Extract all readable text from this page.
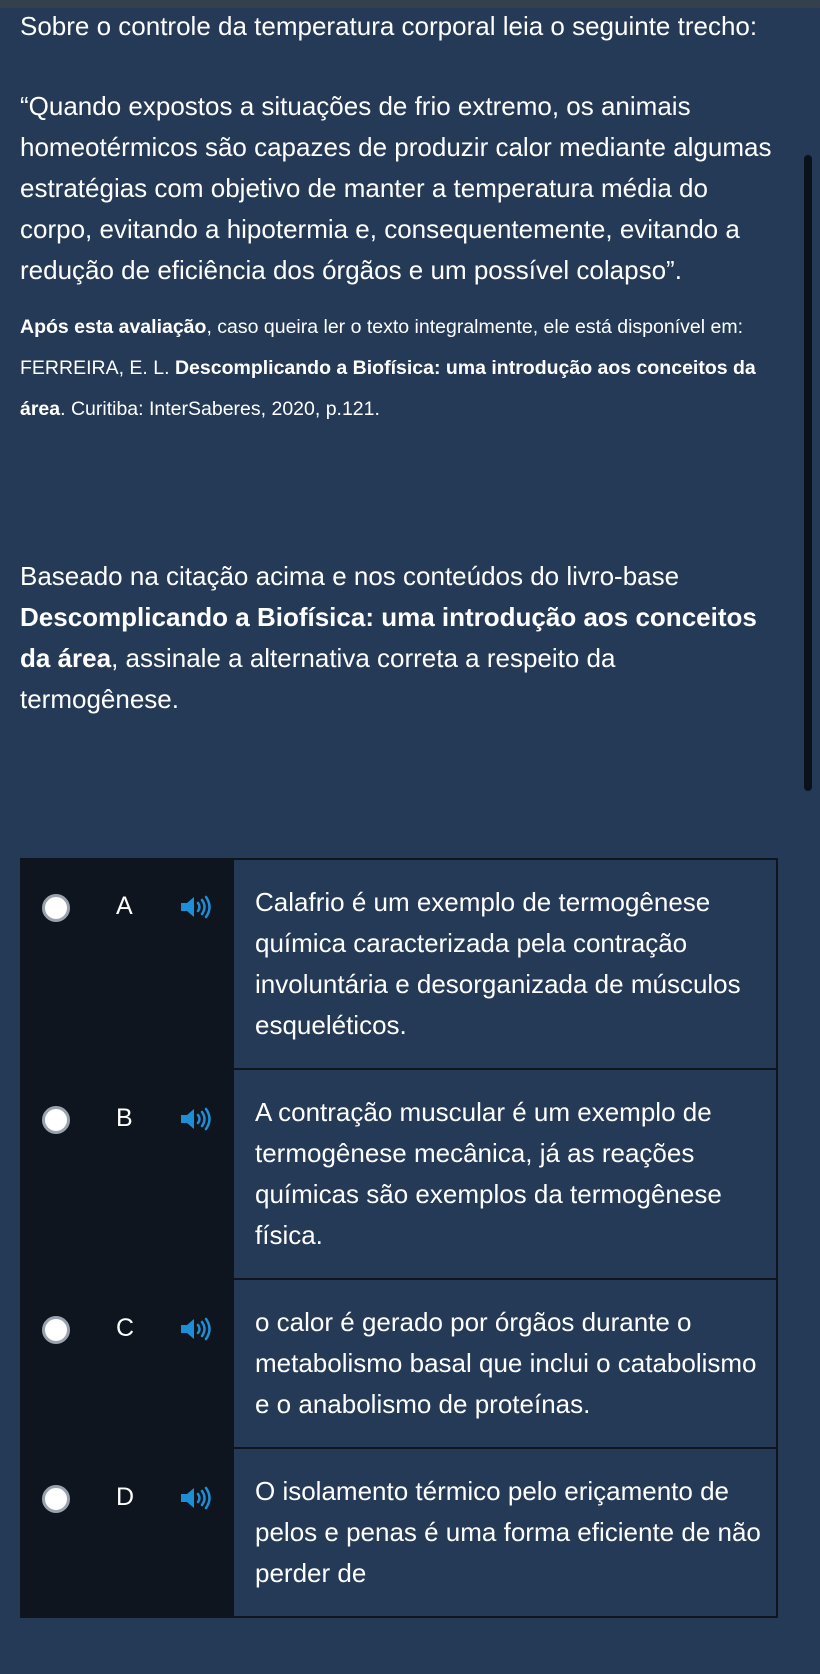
Sobre o controle da temperatura corporal leia o seguinte trecho:

“Quando expostos a situações de frio extremo, os animais homeotérmicos são capazes de produzir calor mediante algumas estratégias com objetivo de manter a temperatura média do corpo, evitando a hipotermia e, consequentemente, evitando a redução de eficiência dos órgãos e um possível colapso”.

Após esta avaliação, caso queira ler o texto integralmente, ele está disponível em: FERREIRA, E. L. Descomplicando a Biofísica: uma introdução aos conceitos da área. Curitiba: InterSaberes, 2020, p.121.

Baseado na citação acima e nos conteúdos do livro-base Descomplicando a Biofísica: uma introdução aos conceitos da área, assinale a alternativa correta a respeito da termogênese.

A	Calafrio é um exemplo de termogênese química caracterizada pela contração involuntária e desorganizada de músculos esqueléticos.
B	A contração muscular é um exemplo de termogênese mecânica, já as reações químicas são exemplos da termogênese física.
C	o calor é gerado por órgãos durante o metabolismo basal que inclui o catabolismo e o anabolismo de proteínas.
D	O isolamento térmico pelo eriçamento de pelos e penas é uma forma eficiente de não perder de
